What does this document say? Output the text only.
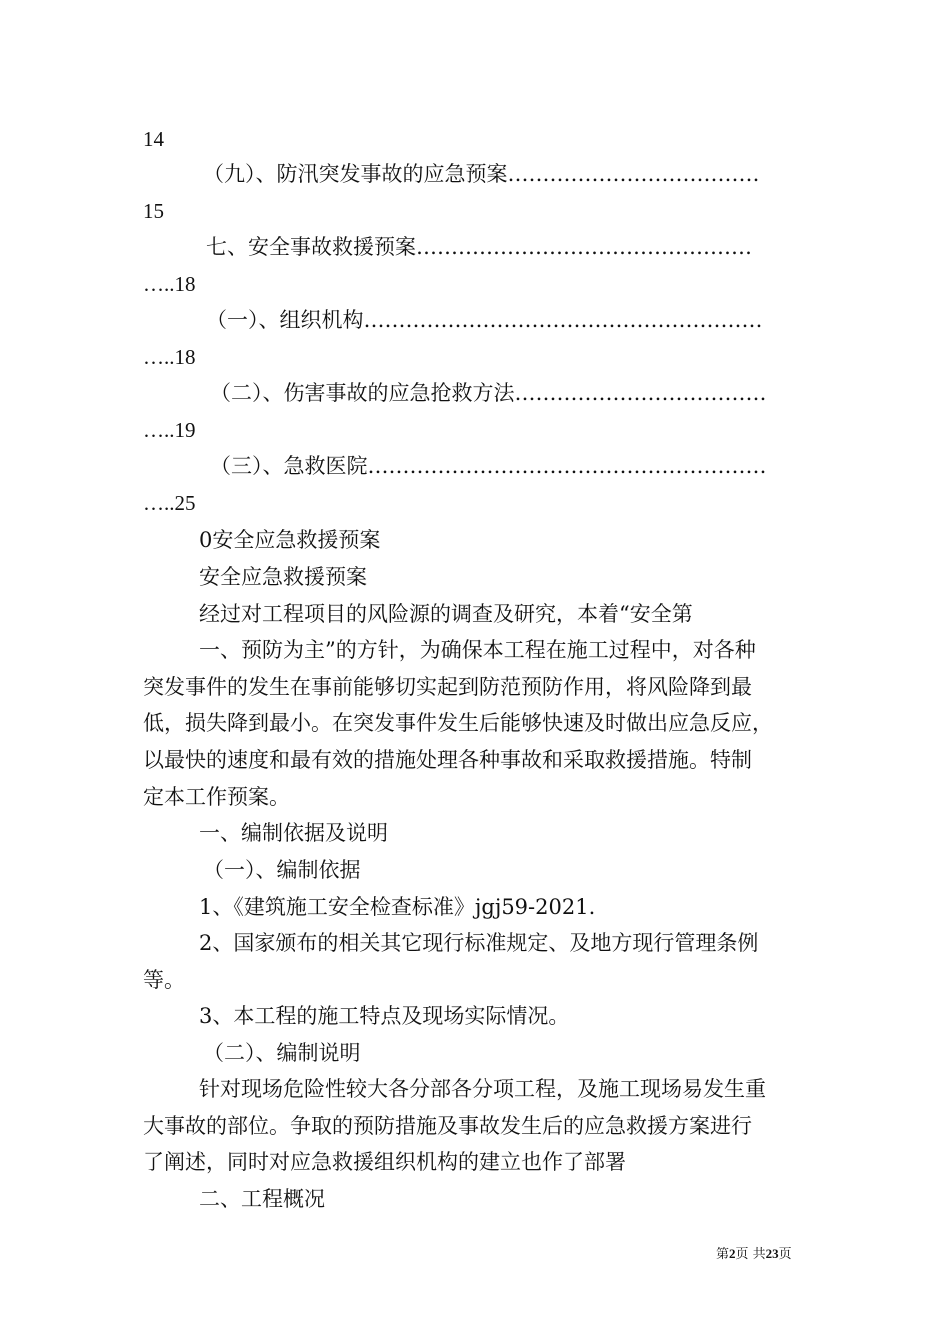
14
（九）、防汛突发事故的应急预案………………………………
15
七、安全事故救援预案…………………………………………
…..18
（一）、组织机构…………………………………………………
…..18
（二）、伤害事故的应急抢救方法………………………………
…..19
（三）、急救医院…………………………………………………
…..25
0安全应急救援预案
安全应急救援预案
经过对工程项目的风险源的调查及研究，本着“安全第
一、预防为主”的方针，为确保本工程在施工过程中，对各种
突发事件的发生在事前能够切实起到防范预防作用，将风险降到最
低，损失降到最小。在突发事件发生后能够快速及时做出应急反应，
以最快的速度和最有效的措施处理各种事故和采取救援措施。特制
定本工作预案。
一、编制依据及说明
（一）、编制依据
1、《建筑施工安全检查标准》jgj59-2021.
2、国家颁布的相关其它现行标准规定、及地方现行管理条例
等。
3、本工程的施工特点及现场实际情况。
（二）、编制说明
针对现场危险性较大各分部各分项工程，及施工现场易发生重
大事故的部位。争取的预防措施及事故发生后的应急救援方案进行
了阐述，同时对应急救援组织机构的建立也作了部署
二、工程概况
第2页 共23页
